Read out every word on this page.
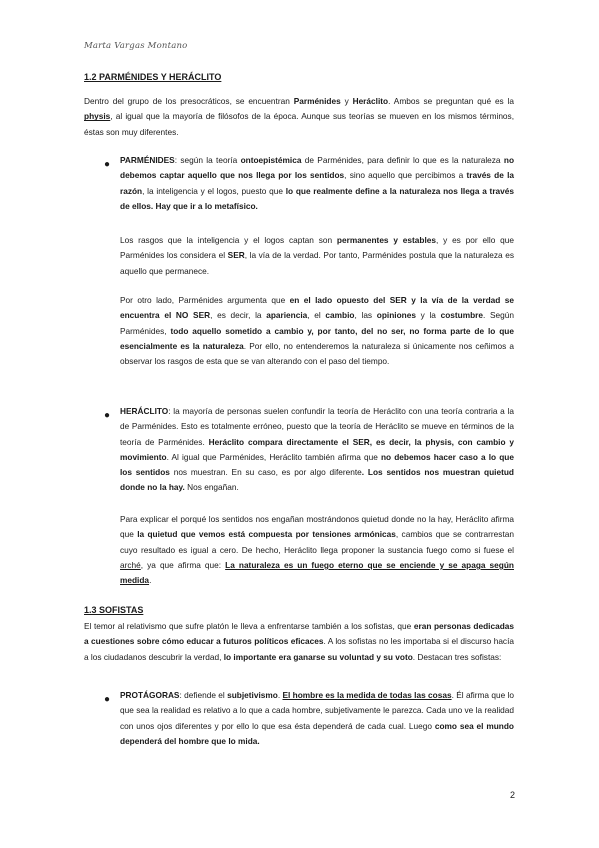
Marta Vargas Montano
1.2 PARMÉNIDES Y HERÁCLITO
Dentro del grupo de los presocráticos, se encuentran Parménides y Heráclito. Ambos se preguntan qué es la physis, al igual que la mayoría de filósofos de la época. Aunque sus teorías se mueven en los mismos términos, éstas son muy diferentes.
● PARMÉNIDES: según la teoría ontoepistémica de Parménides, para definir lo que es la naturaleza no debemos captar aquello que nos llega por los sentidos, sino aquello que percibimos a través de la razón, la inteligencia y el logos, puesto que lo que realmente define a la naturaleza nos llega a través de ellos. Hay que ir a lo metafísico.
Los rasgos que la inteligencia y el logos captan son permanentes y estables, y es por ello que Parménides los considera el SER, la vía de la verdad. Por tanto, Parménides postula que la naturaleza es aquello que permanece.
Por otro lado, Parménides argumenta que en el lado opuesto del SER y la vía de la verdad se encuentra el NO SER, es decir, la apariencia, el cambio, las opiniones y la costumbre. Según Parménides, todo aquello sometido a cambio y, por tanto, del no ser, no forma parte de lo que esencialmente es la naturaleza. Por ello, no entenderemos la naturaleza si únicamente nos ceñimos a observar los rasgos de esta que se van alterando con el paso del tiempo.
● HERÁCLITO: la mayoría de personas suelen confundir la teoría de Heráclito con una teoría contraria a la de Parménides. Esto es totalmente erróneo, puesto que la teoría de Heráclito se mueve en términos de la teoría de Parménides. Heráclito compara directamente el SER, es decir, la physis, con cambio y movimiento. Al igual que Parménides, Heráclito también afirma que no debemos hacer caso a lo que los sentidos nos muestran. En su caso, es por algo diferente. Los sentidos nos muestran quietud donde no la hay. Nos engañan.
Para explicar el porqué los sentidos nos engañan mostrándonos quietud donde no la hay, Heráclito afirma que la quietud que vemos está compuesta por tensiones armónicas, cambios que se contrarrestan cuyo resultado es igual a cero. De hecho, Heráclito llega proponer la sustancia fuego como si fuese el arché, ya que afirma que: La naturaleza es un fuego eterno que se enciende y se apaga según medida.
1.3 SOFISTAS
El temor al relativismo que sufre platón le lleva a enfrentarse también a los sofistas, que eran personas dedicadas a cuestiones sobre cómo educar a futuros políticos eficaces. A los sofistas no les importaba si el discurso hacía a los ciudadanos descubrir la verdad, lo importante era ganarse su voluntad y su voto. Destacan tres sofistas:
● PROTÁGORAS: defiende el subjetivismo. El hombre es la medida de todas las cosas. Él afirma que lo que sea la realidad es relativo a lo que a cada hombre, subjetivamente le parezca. Cada uno ve la realidad con unos ojos diferentes y por ello lo que esa ésta dependerá de cada cual. Luego como sea el mundo dependerá del hombre que lo mida.
2
